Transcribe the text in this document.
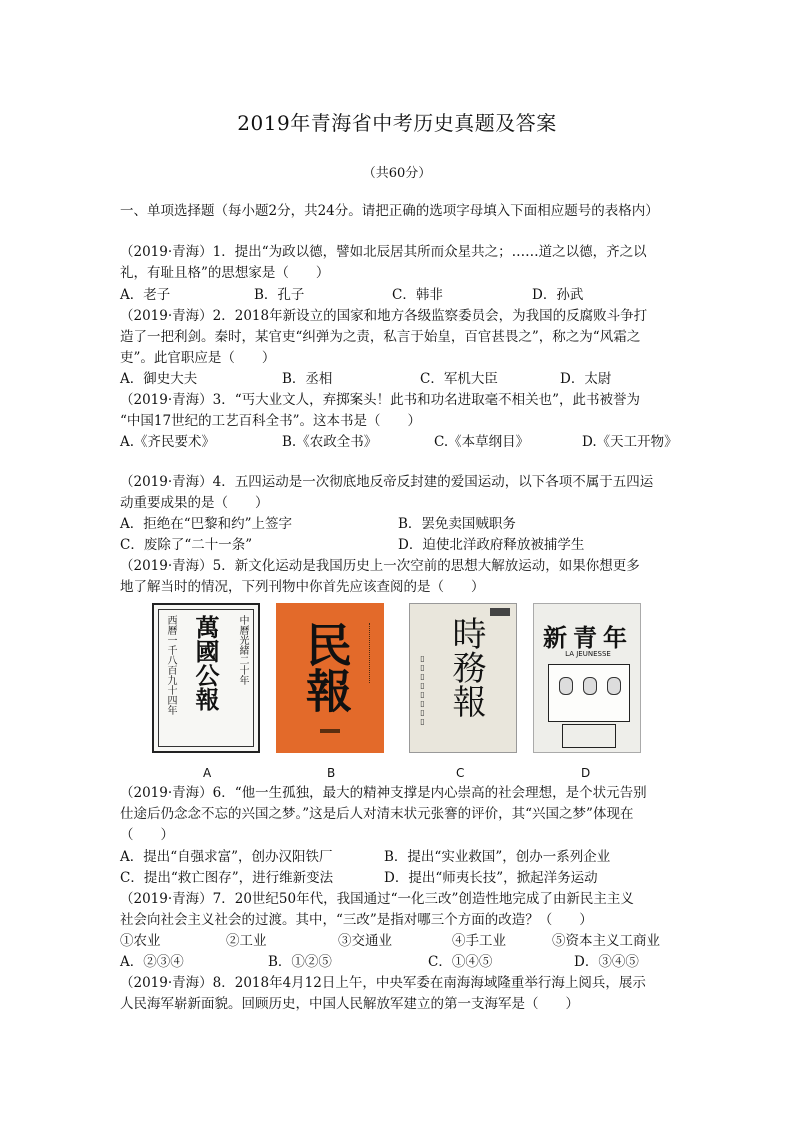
2019年青海省中考历史真题及答案
（共60分）
一、单项选择题（每小题2分，共24分。请把正确的选项字母填入下面相应题号的表格内）
（2019·青海）1．提出“为政以德，譬如北辰居其所而众星共之；……道之以德，齐之以
礼，有耻且格”的思想家是（　　）
A．老子	B．孔子	C．韩非	D．孙武
（2019·青海）2．2018年新设立的国家和地方各级监察委员会，为我国的反腐败斗争打
造了一把利剑。秦时，某官吏“纠弹为之责，私言于始皇，百官甚畏之”，称之为“风霜之
吏”。此官职应是（　　）
A．御史大夫	B．丞相	C．军机大臣	D．太尉
（2019·青海）3．“丐大业文人，弃掷案头！此书和功名进取毫不相关也”，此书被誉为
“中国17世纪的工艺百科全书”。这本书是（　　）
A.《齐民要术》	B.《农政全书》	C.《本草纲目》	D.《天工开物》
（2019·青海）4．五四运动是一次彻底地反帝反封建的爱国运动，以下各项不属于五四运
动重要成果的是（　　）
A．拒绝在“巴黎和约”上签字	B．罢免卖国贼职务
C．废除了“二十一条”	D．迫使北洋政府释放被捕学生
（2019·青海）5．新文化运动是我国历史上一次空前的思想大解放运动，如果你想更多
地了解当时的情况，下列刊物中你首先应该查阅的是（　　）
西曆一千八百九十四年 萬國公報 中曆光緒二十年 民報	▯▯▯▯▯▯▯▯ 時務報	新青年
LA JEUNESSE
A	B	C	D
（2019·青海）6．“他一生孤独，最大的精神支撑是内心崇高的社会理想，是个状元告别
仕途后仍念念不忘的兴国之梦。”这是后人对清末状元张謇的评价，其“兴国之梦”体现在
（　　）
A．提出“自强求富”，创办汉阳铁厂	B．提出“实业救国”，创办一系列企业
C．提出“救亡图存”，进行维新变法	D．提出“师夷长技”，掀起洋务运动
（2019·青海）7．20世纪50年代，我国通过“一化三改”创造性地完成了由新民主主义
社会向社会主义社会的过渡。其中，“三改”是指对哪三个方面的改造？（　　）
①农业	②工业	③交通业	④手工业	⑤资本主义工商业
A．②③④	B．①②⑤	C．①④⑤	D．③④⑤
（2019·青海）8．2018年4月12日上午，中央军委在南海海域隆重举行海上阅兵，展示
人民海军崭新面貌。回顾历史，中国人民解放军建立的第一支海军是（　　）
